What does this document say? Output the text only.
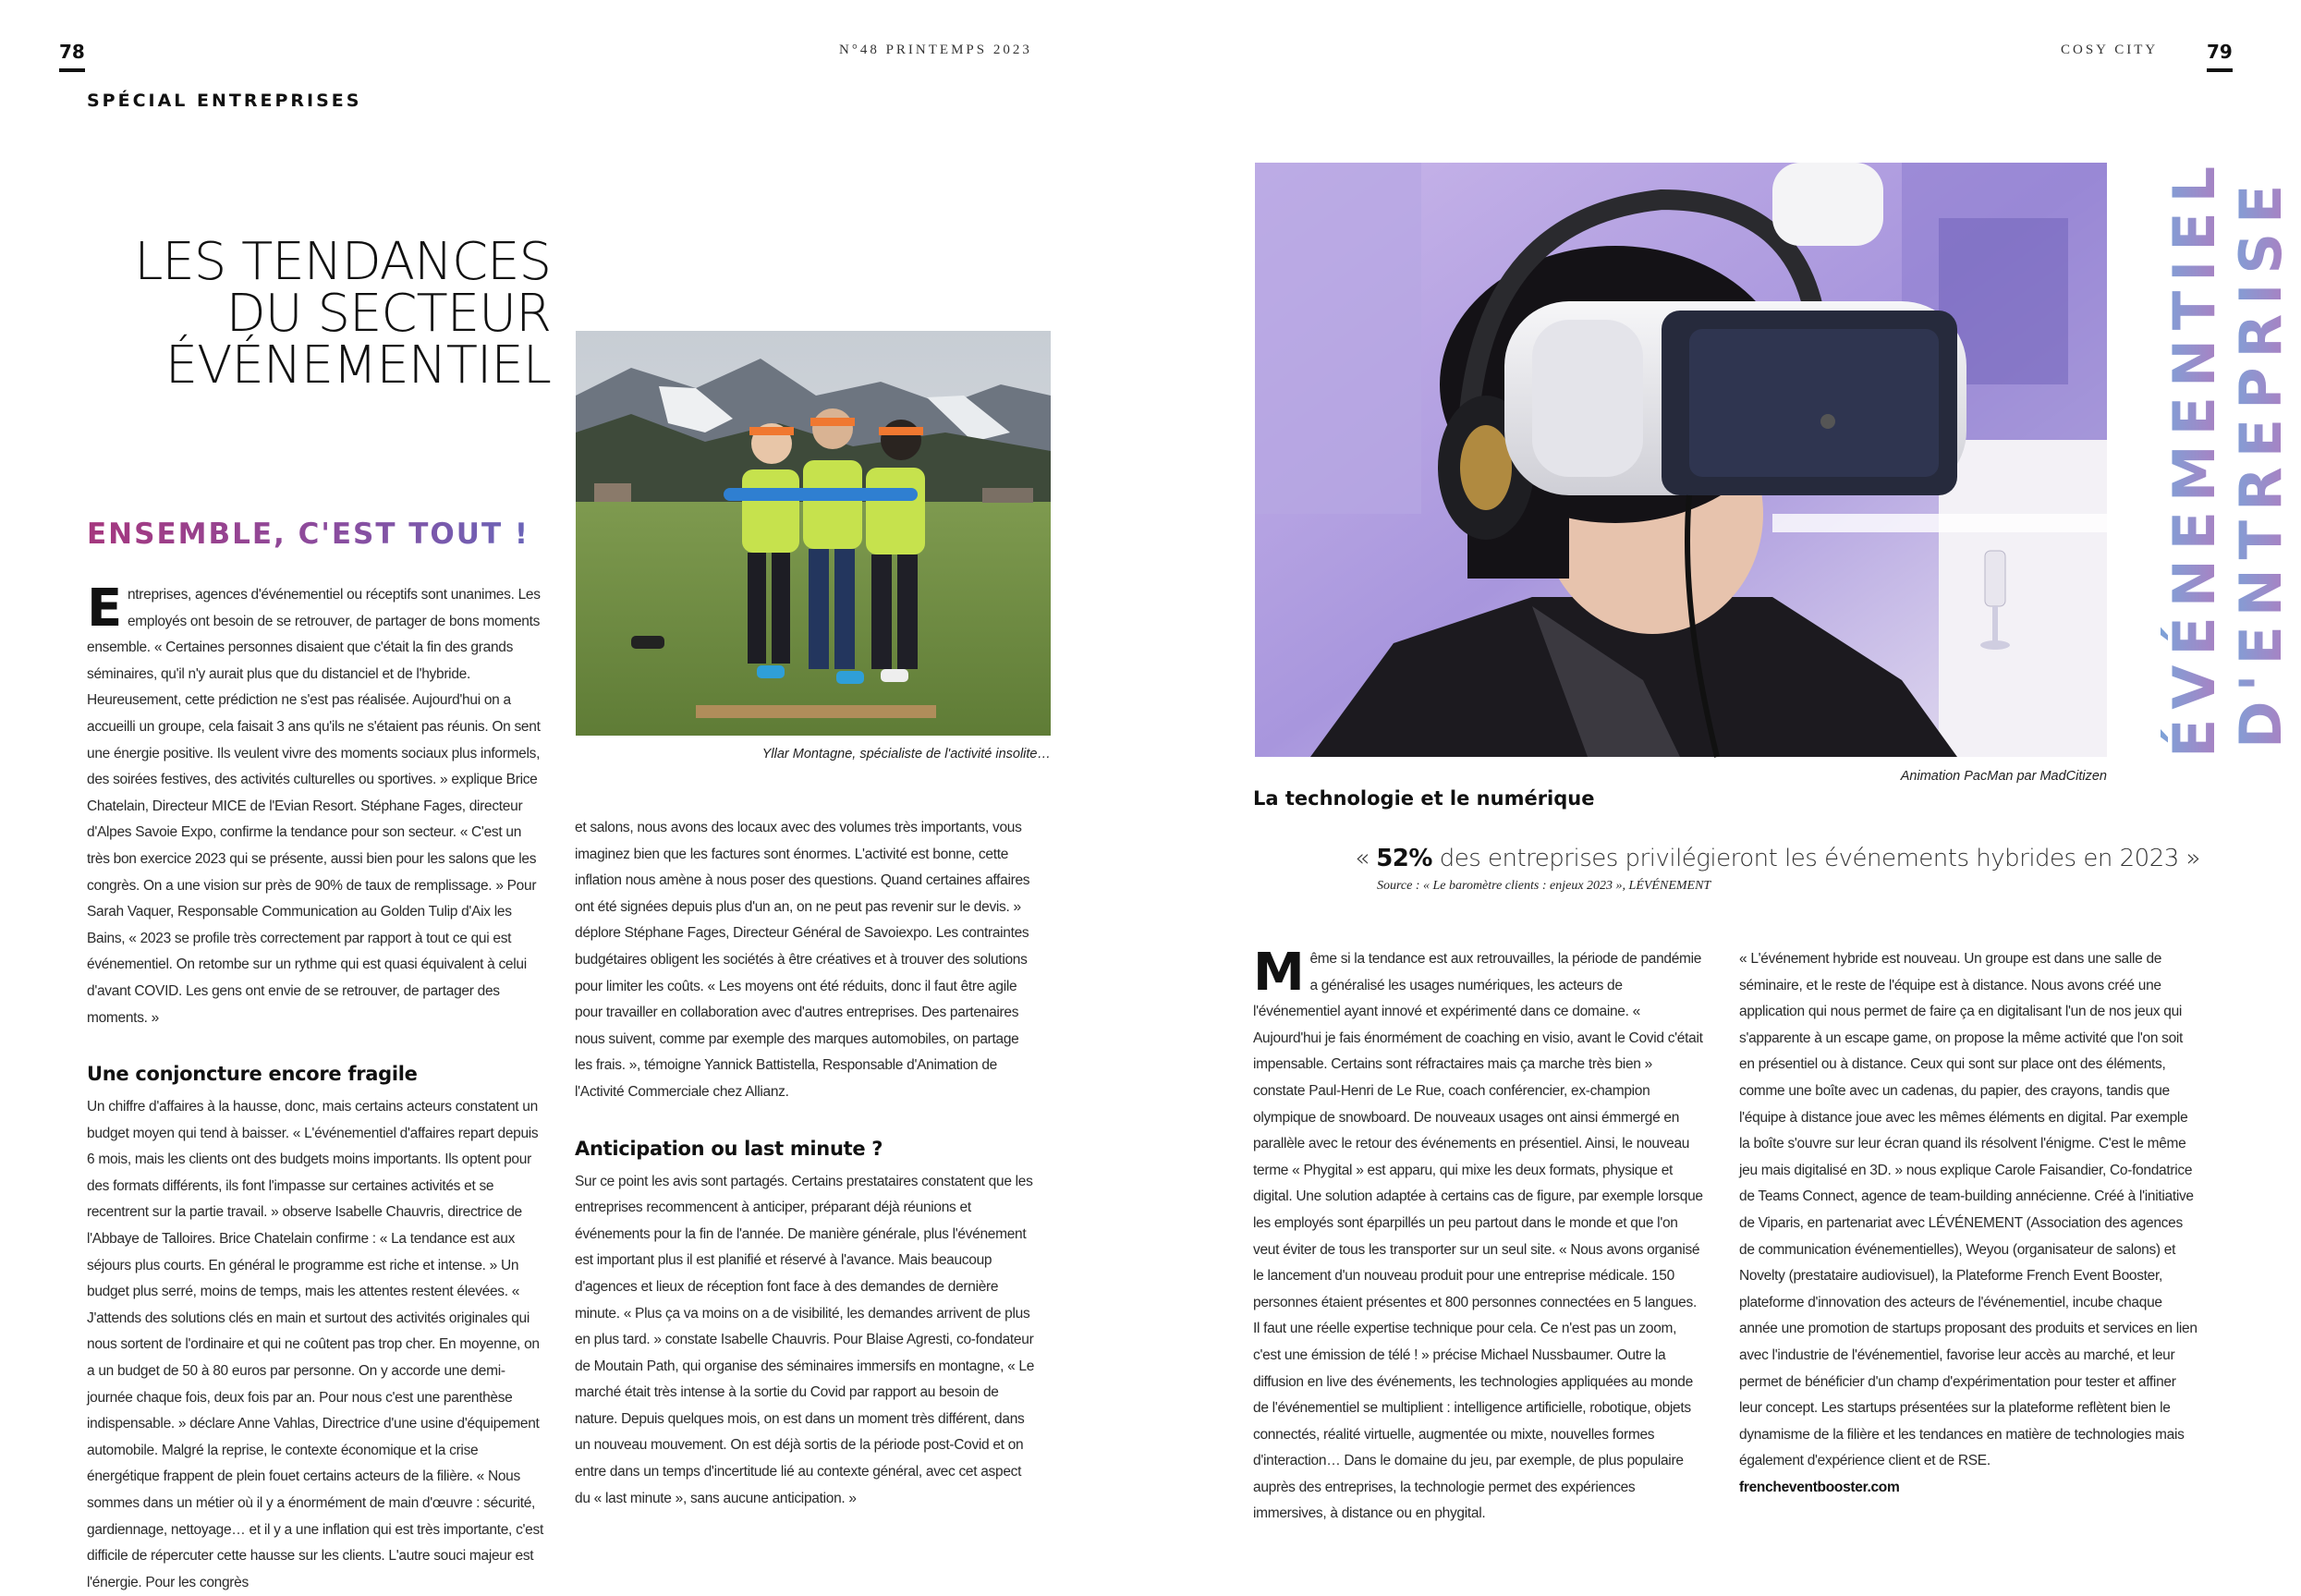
78	N°48 PRINTEMPS 2023	COSY CITY	79
SPÉCIAL ENTREPRISES
LES TENDANCES
DU SECTEUR
ÉVÉNEMENTIEL
ENSEMBLE, C'EST TOUT !
Yllar Montagne, spécialiste de l'activité insolite…

Entreprises, agences d'événementiel ou réceptifs sont unanimes. Les employés ont besoin de se retrouver, de partager de bons moments ensemble. « Certaines personnes disaient que c'était la fin des grands séminaires, qu'il n'y aurait plus que du distanciel et de l'hybride. Heureusement, cette prédiction ne s'est pas réalisée. Aujourd'hui on a accueilli un groupe, cela faisait 3 ans qu'ils ne s'étaient pas réunis. On sent une énergie positive. Ils veulent vivre des moments sociaux plus informels, des soirées festives, des activités culturelles ou sportives. » explique Brice Chatelain, Directeur MICE de l'Evian Resort. Stéphane Fages, directeur d'Alpes Savoie Expo, confirme la tendance pour son secteur. « C'est un très bon exercice 2023 qui se présente, aussi bien pour les salons que les congrès. On a une vision sur près de 90% de taux de remplissage. » Pour Sarah Vaquer, Responsable Communication au Golden Tulip d'Aix les Bains, « 2023 se profile très correctement par rapport à tout ce qui est événementiel. On retombe sur un rythme qui est quasi équivalent à celui d'avant COVID. Les gens ont envie de se retrouver, de partager des moments. »

Une conjoncture encore fragile

Un chiffre d'affaires à la hausse, donc, mais certains acteurs constatent un budget moyen qui tend à baisser. « L'événementiel d'affaires repart depuis 6 mois, mais les clients ont des budgets moins importants. Ils optent pour des formats différents, ils font l'impasse sur certaines activités et se recentrent sur la partie travail. » observe Isabelle Chauvris, directrice de l'Abbaye de Talloires. Brice Chatelain confirme : « La tendance est aux séjours plus courts. En général le programme est riche et intense. » Un budget plus serré, moins de temps, mais les attentes restent élevées. « J'attends des solutions clés en main et surtout des activités originales qui nous sortent de l'ordinaire et qui ne coûtent pas trop cher. En moyenne, on a un budget de 50 à 80 euros par personne. On y accorde une demi-journée chaque fois, deux fois par an. Pour nous c'est une parenthèse indispensable. » déclare Anne Vahlas, Directrice d'une usine d'équipement automobile. Malgré la reprise, le contexte économique et la crise énergétique frappent de plein fouet certains acteurs de la filière. « Nous sommes dans un métier où il y a énormément de main d'œuvre : sécurité, gardiennage, nettoyage… et il y a une inflation qui est très importante, c'est difficile de répercuter cette hausse sur les clients. L'autre souci majeur est l'énergie. Pour les congrès

et salons, nous avons des locaux avec des volumes très importants, vous imaginez bien que les factures sont énormes. L'activité est bonne, cette inflation nous amène à nous poser des questions. Quand certaines affaires ont été signées depuis plus d'un an, on ne peut pas revenir sur le devis. » déplore Stéphane Fages, Directeur Général de Savoiexpo. Les contraintes budgétaires obligent les sociétés à être créatives et à trouver des solutions pour limiter les coûts. « Les moyens ont été réduits, donc il faut être agile pour travailler en collaboration avec d'autres entreprises. Des partenaires nous suivent, comme par exemple des marques automobiles, on partage les frais. », témoigne Yannick Battistella, Responsable d'Animation de l'Activité Commerciale chez Allianz.

Anticipation ou last minute ?

Sur ce point les avis sont partagés. Certains prestataires constatent que les entreprises recommencent à anticiper, préparant déjà réunions et événements pour la fin de l'année. De manière générale, plus l'événement est important plus il est planifié et réservé à l'avance. Mais beaucoup d'agences et lieux de réception font face à des demandes de dernière minute. « Plus ça va moins on a de visibilité, les demandes arrivent de plus en plus tard. » constate Isabelle Chauvris. Pour Blaise Agresti, co-fondateur de Moutain Path, qui organise des séminaires immersifs en montagne, « Le marché était très intense à la sortie du Covid par rapport au besoin de nature. Depuis quelques mois, on est dans un moment très différent, dans un nouveau mouvement. On est déjà sortis de la période post-Covid et on entre dans un temps d'incertitude lié au contexte général, avec cet aspect du « last minute », sans aucune anticipation. »

Animation PacMan par MadCitizen
ÉVÉNEMENTIEL D'ENTREPRISE
La technologie et le numérique
« 52% des entreprises privilégieront les événements hybrides en 2023 »
Source : « Le baromètre clients : enjeux 2023 », LÉVÉNEMENT

Même si la tendance est aux retrouvailles, la période de pandémie a généralisé les usages numériques, les acteurs de l'événementiel ayant innové et expérimenté dans ce domaine. « Aujourd'hui je fais énormément de coaching en visio, avant le Covid c'était impensable. Certains sont réfractaires mais ça marche très bien » constate Paul-Henri de Le Rue, coach conférencier, ex-champion olympique de snowboard. De nouveaux usages ont ainsi émmergé en parallèle avec le retour des événements en présentiel. Ainsi, le nouveau terme « Phygital » est apparu, qui mixe les deux formats, physique et digital. Une solution adaptée à certains cas de figure, par exemple lorsque les employés sont éparpillés un peu partout dans le monde et que l'on veut éviter de tous les transporter sur un seul site. « Nous avons organisé le lancement d'un nouveau produit pour une entreprise médicale. 150 personnes étaient présentes et 800 personnes connectées en 5 langues. Il faut une réelle expertise technique pour cela. Ce n'est pas un zoom, c'est une émission de télé ! » précise Michael Nussbaumer. Outre la diffusion en live des événements, les technologies appliquées au monde de l'événementiel se multiplient : intelligence artificielle, robotique, objets connectés, réalité virtuelle, augmentée ou mixte, nouvelles formes d'interaction… Dans le domaine du jeu, par exemple, de plus populaire auprès des entreprises, la technologie permet des expériences immersives, à distance ou en phygital.

« L'événement hybride est nouveau. Un groupe est dans une salle de séminaire, et le reste de l'équipe est à distance. Nous avons créé une application qui nous permet de faire ça en digitalisant l'un de nos jeux qui s'apparente à un escape game, on propose la même activité que l'on soit en présentiel ou à distance. Ceux qui sont sur place ont des éléments, comme une boîte avec un cadenas, du papier, des crayons, tandis que l'équipe à distance joue avec les mêmes éléments en digital. Par exemple la boîte s'ouvre sur leur écran quand ils résolvent l'énigme. C'est le même jeu mais digitalisé en 3D. » nous explique Carole Faisandier, Co-fondatrice de Teams Connect, agence de team-building annécienne. Créé à l'initiative de Viparis, en partenariat avec LÉVÉNEMENT (Association des agences de communication événementielles), Weyou (organisateur de salons) et Novelty (prestataire audiovisuel), la Plateforme French Event Booster, plateforme d'innovation des acteurs de l'événementiel, incube chaque année une promotion de startups proposant des produits et services en lien avec l'industrie de l'événementiel, favorise leur accès au marché, et leur permet de bénéficier d'un champ d'expérimentation pour tester et affiner leur concept. Les startups présentées sur la plateforme reflètent bien le dynamisme de la filière et les tendances en matière de technologies mais également d'expérience client et de RSE.

frencheventbooster.com
